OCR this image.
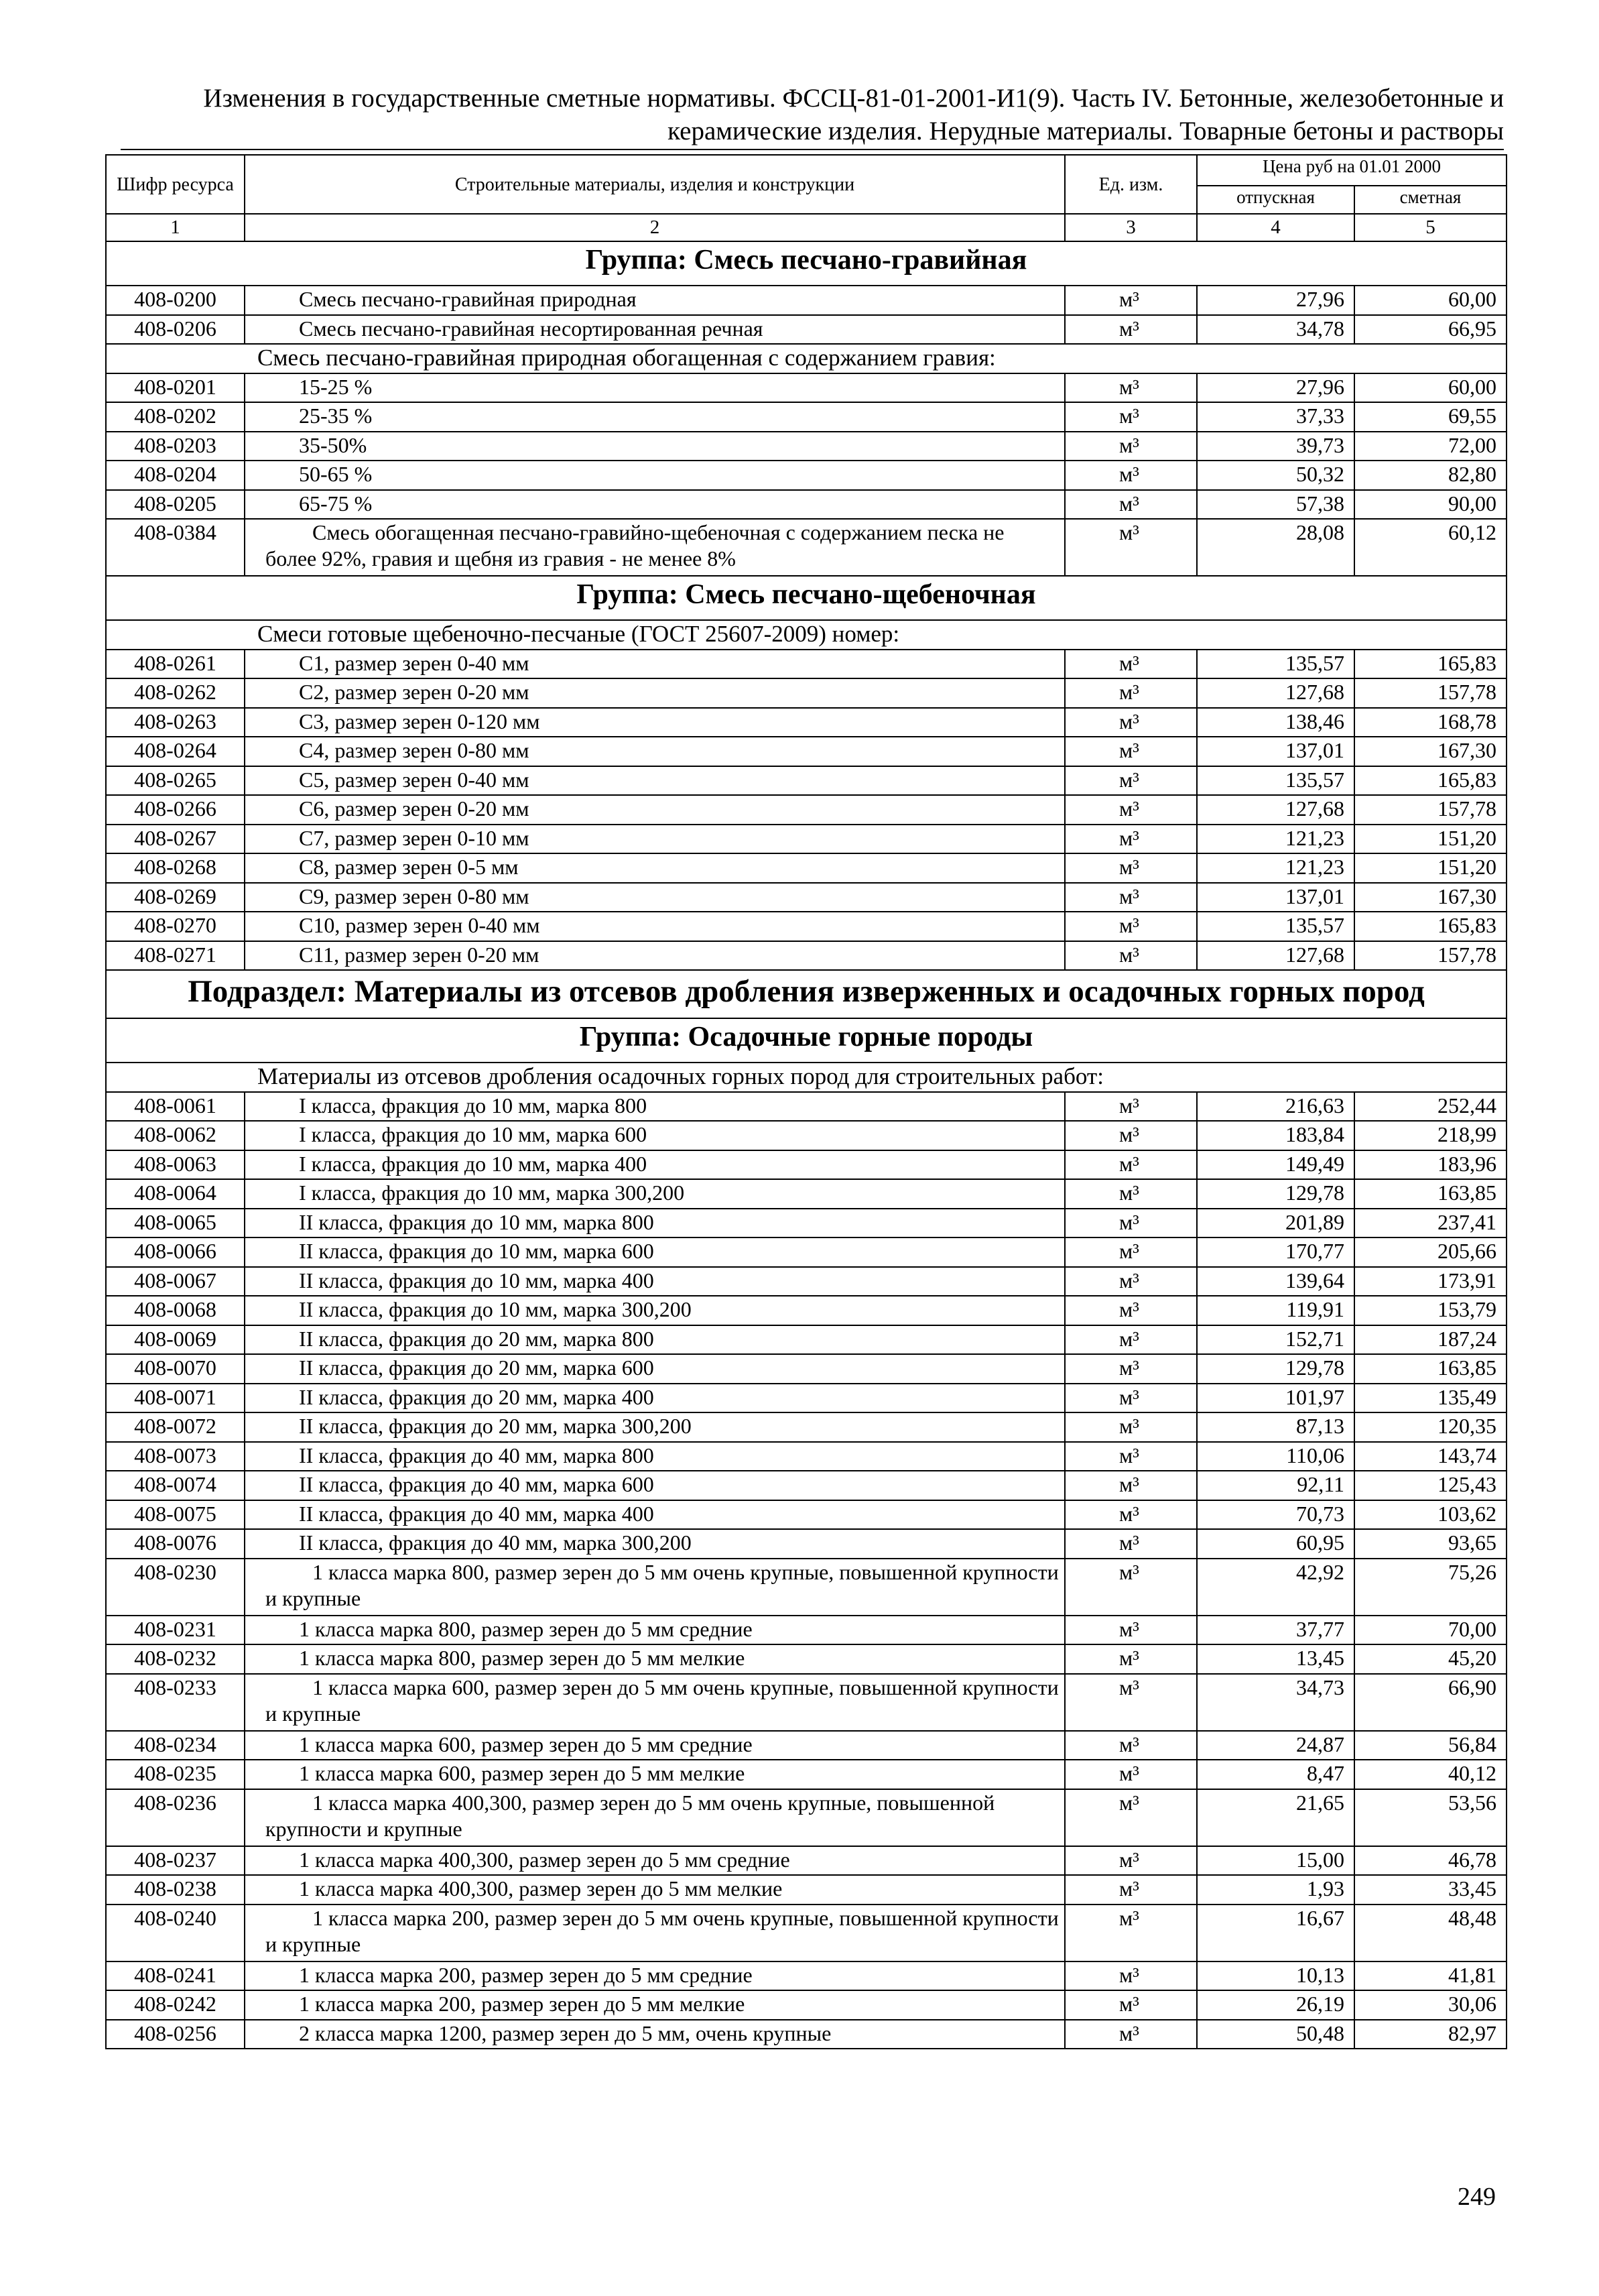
Изменения в государственные сметные нормативы. ФССЦ-81-01-2001-И1(9). Часть IV. Бетонные, железобетонные и
керамические изделия. Нерудные материалы. Товарные бетоны и растворы
Шифр ресурса	Строительные материалы, изделия и конструкции	Ед. изм.	Цена руб на 01.01 2000	
			отпускная	сметная
1	2	3	4	5
Группа: Смесь песчано-гравийная				
408-0200	Смесь песчано-гравийная природная	м³	27,96	60,00
408-0206	Смесь песчано-гравийная несортированная речная	м³	34,78	66,95
Смесь песчано-гравийная природная обогащенная с содержанием гравия:				
408-0201	15-25 %	м³	27,96	60,00
408-0202	25-35 %	м³	37,33	69,55
408-0203	35-50%	м³	39,73	72,00
408-0204	50-65 %	м³	50,32	82,80
408-0205	65-75 %	м³	57,38	90,00
408-0384	Смесь обогащенная песчано-гравийно-щебеночная с содержанием песка не более 92%, гравия и щебня из гравия - не менее 8%	м³	28,08	60,12
Группа: Смесь песчано-щебеночная				
Смеси готовые щебеночно-песчаные (ГОСТ 25607-2009) номер:				
408-0261	С1, размер зерен 0-40 мм	м³	135,57	165,83
408-0262	С2, размер зерен 0-20 мм	м³	127,68	157,78
408-0263	С3, размер зерен 0-120 мм	м³	138,46	168,78
408-0264	С4, размер зерен 0-80 мм	м³	137,01	167,30
408-0265	С5, размер зерен 0-40 мм	м³	135,57	165,83
408-0266	С6, размер зерен 0-20 мм	м³	127,68	157,78
408-0267	С7, размер зерен 0-10 мм	м³	121,23	151,20
408-0268	С8, размер зерен 0-5 мм	м³	121,23	151,20
408-0269	С9, размер зерен 0-80 мм	м³	137,01	167,30
408-0270	С10, размер зерен 0-40 мм	м³	135,57	165,83
408-0271	С11, размер зерен 0-20 мм	м³	127,68	157,78
Подраздел: Материалы из отсевов дробления изверженных и осадочных горных пород				
Группа: Осадочные горные породы				
Материалы из отсевов дробления осадочных горных пород для строительных работ:				
408-0061	I класса, фракция до 10 мм, марка 800	м³	216,63	252,44
408-0062	I класса, фракция до 10 мм, марка 600	м³	183,84	218,99
408-0063	I класса, фракция до 10 мм, марка 400	м³	149,49	183,96
408-0064	I класса, фракция до 10 мм, марка 300,200	м³	129,78	163,85
408-0065	II класса, фракция до 10 мм, марка 800	м³	201,89	237,41
408-0066	II класса, фракция до 10 мм, марка 600	м³	170,77	205,66
408-0067	II класса, фракция до 10 мм, марка 400	м³	139,64	173,91
408-0068	II класса, фракция до 10 мм, марка 300,200	м³	119,91	153,79
408-0069	II класса, фракция до 20 мм, марка 800	м³	152,71	187,24
408-0070	II класса, фракция до 20 мм, марка 600	м³	129,78	163,85
408-0071	II класса, фракция до 20 мм, марка 400	м³	101,97	135,49
408-0072	II класса, фракция до 20 мм, марка 300,200	м³	87,13	120,35
408-0073	II класса, фракция до 40 мм, марка 800	м³	110,06	143,74
408-0074	II класса, фракция до 40 мм, марка 600	м³	92,11	125,43
408-0075	II класса, фракция до 40 мм, марка 400	м³	70,73	103,62
408-0076	II класса, фракция до 40 мм, марка 300,200	м³	60,95	93,65
408-0230	1 класса марка 800, размер зерен до 5 мм очень крупные, повышенной крупности и крупные	м³	42,92	75,26
408-0231	1 класса марка 800, размер зерен до 5 мм средние	м³	37,77	70,00
408-0232	1 класса марка 800, размер зерен до 5 мм мелкие	м³	13,45	45,20
408-0233	1 класса марка 600, размер зерен до 5 мм очень крупные, повышенной крупности и крупные	м³	34,73	66,90
408-0234	1 класса марка 600, размер зерен до 5 мм средние	м³	24,87	56,84
408-0235	1 класса марка 600, размер зерен до 5 мм мелкие	м³	8,47	40,12
408-0236	1 класса марка 400,300, размер зерен до 5 мм очень крупные, повышенной крупности и крупные	м³	21,65	53,56
408-0237	1 класса марка 400,300, размер зерен до 5 мм средние	м³	15,00	46,78
408-0238	1 класса марка 400,300, размер зерен до 5 мм мелкие	м³	1,93	33,45
408-0240	1 класса марка 200, размер зерен до 5 мм очень крупные, повышенной крупности и крупные	м³	16,67	48,48
408-0241	1 класса марка 200, размер зерен до 5 мм средние	м³	10,13	41,81
408-0242	1 класса марка 200, размер зерен до 5 мм мелкие	м³	26,19	30,06
408-0256	2 класса марка 1200, размер зерен до 5 мм, очень крупные	м³	50,48	82,97
249
